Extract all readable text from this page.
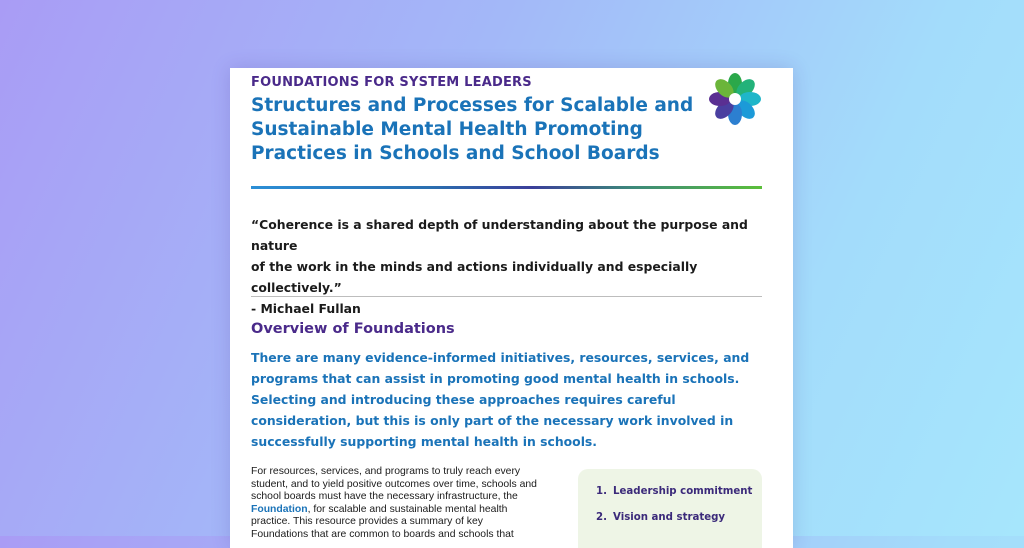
FOUNDATIONS FOR SYSTEM LEADERS

Structures and Processes for Scalable and Sustainable Mental Health Promoting Practices in Schools and School Boards

“Coherence is a shared depth of understanding about the purpose and nature
of the work in the minds and actions individually and especially collectively.”
- Michael Fullan

Overview of Foundations

There are many evidence-informed initiatives, resources, services, and programs that can assist in promoting good mental health in schools. Selecting and introducing these approaches requires careful consideration, but this is only part of the necessary work involved in successfully supporting mental health in schools.

For resources, services, and programs to truly reach every student, and to yield positive outcomes over time, schools and school boards must have the necessary infrastructure, the Foundation, for scalable and sustainable mental health practice. This resource provides a summary of key Foundations that are common to boards and schools that

1. Leadership commitment
2. Vision and strategy
